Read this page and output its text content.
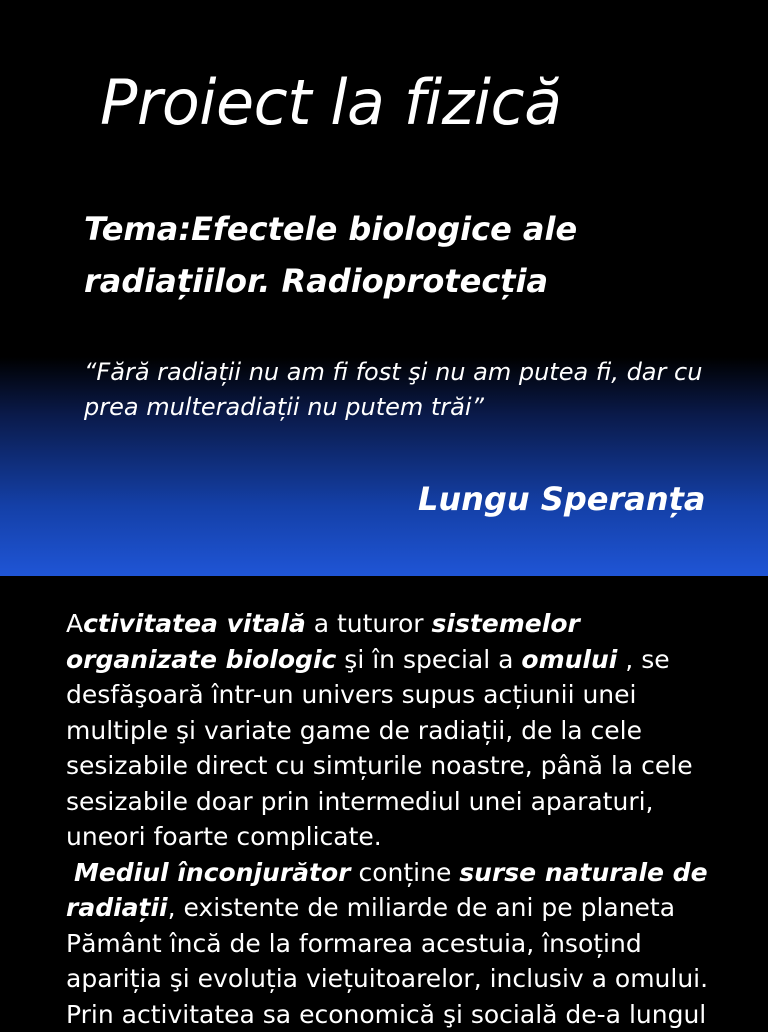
Proiect la fizică
Tema:Efectele biologice ale
radiațiilor. Radioprotecția
“Fără radiații nu am fi fost şi nu am putea fi, dar cu
prea multeradiații nu putem trăi”
Lungu Speranța

Activitatea vitală a tuturor sistemelor organizate biologic şi în special a omului , se desfăşoară într-un univers supus acțiunii unei multiple şi variate game de radiații, de la cele sesizabile direct cu simțurile noastre, până la cele sesizabile doar prin intermediul unei aparaturi, uneori foarte complicate.
Mediul înconjurător conține surse naturale de radiații, existente de miliarde de ani pe planeta Pământ încă de la formarea acestuia, însoțind apariția şi evoluția viețuitoarelor, inclusiv a omului. Prin activitatea sa economică şi socială de-a lungul
